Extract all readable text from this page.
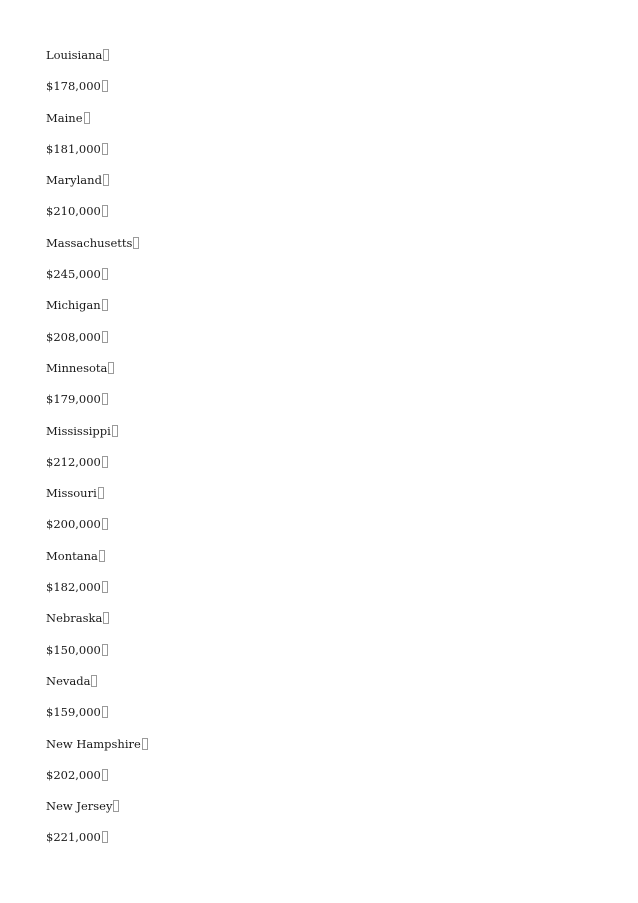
Louisiana
$178,000
Maine
$181,000
Maryland
$210,000
Massachusetts
$245,000
Michigan
$208,000
Minnesota
$179,000
Mississippi
$212,000
Missouri
$200,000
Montana
$182,000
Nebraska
$150,000
Nevada
$159,000
New Hampshire
$202,000
New Jersey
$221,000
